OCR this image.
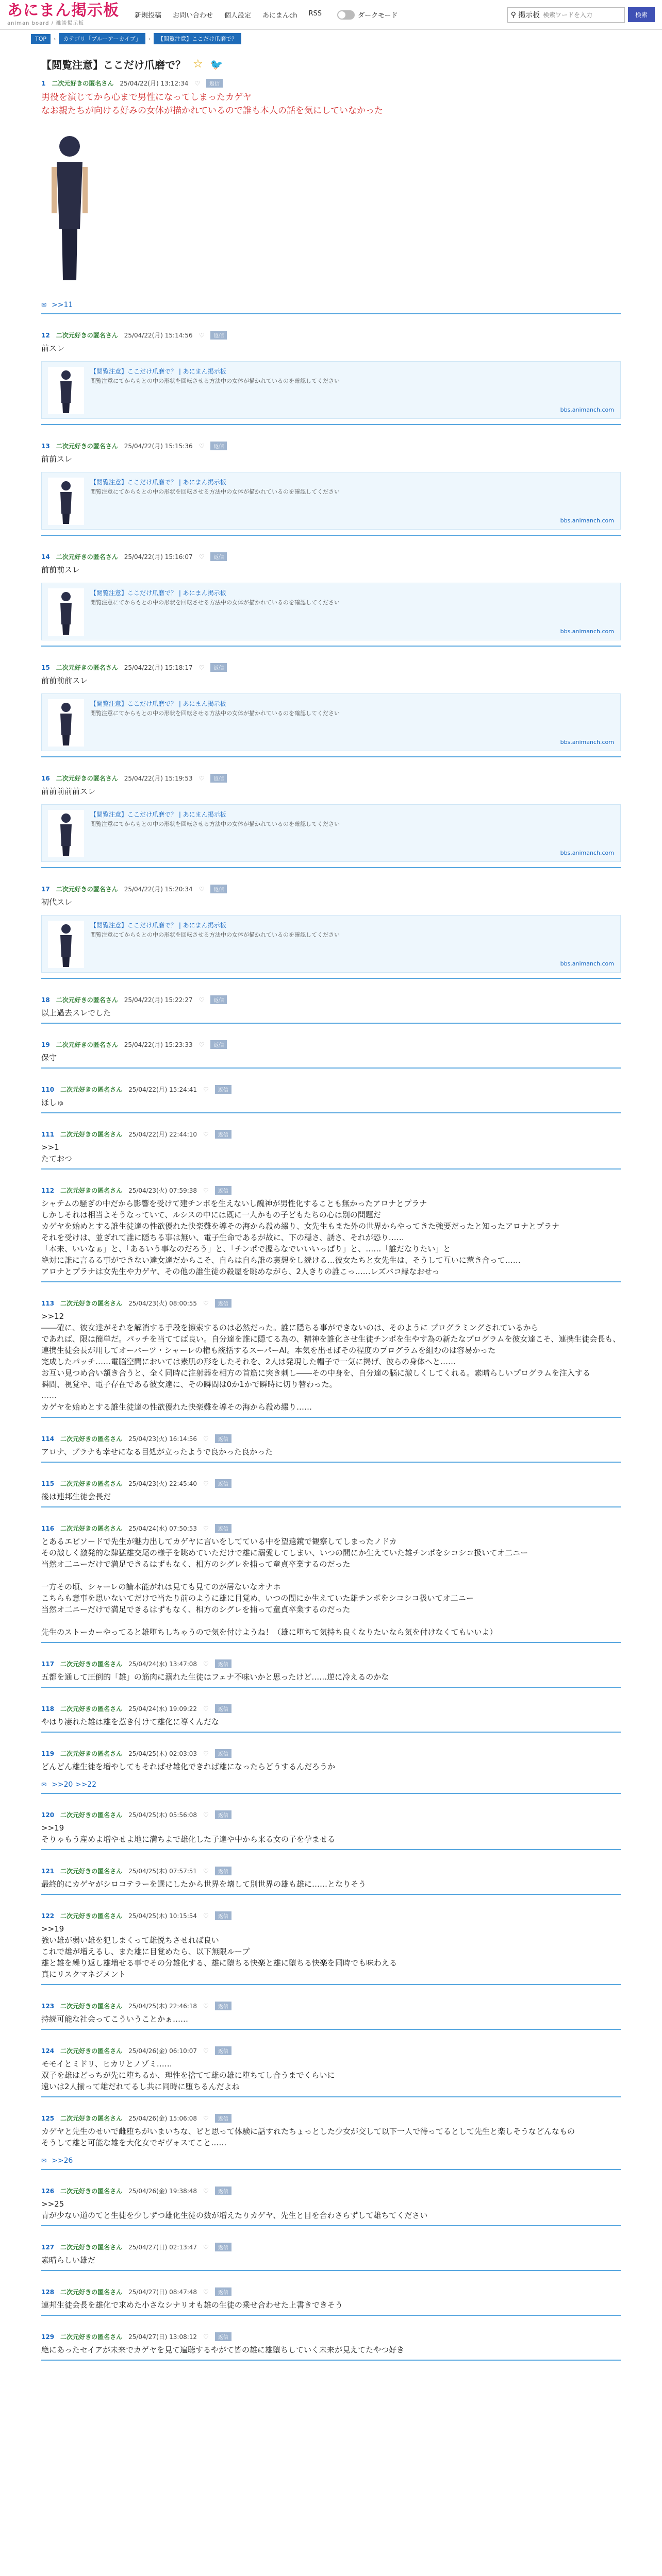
あにまん掲示板
animan board / 雑談掲示板
新規投稿 お問い合わせ 個人設定 あにまんch RSS	ダークモード	⚲ 掲示板
検索ワードを入力	検索
TOP	›	カテゴリ「ブルーアーカイブ」	›	【閲覧注意】ここだけ爪磨で？
【閲覧注意】ここだけ爪磨で？ ☆ 🐦
1 二次元好きの匿名さん 25/04/22(月) 13:12:34 ♡	返信
男役を演じてから心まで男性になってしまったカゲヤ
なお親たちが向ける好みの女体が描かれているので誰も本人の話を気にしていなかった
✉ >>11
12 二次元好きの匿名さん 25/04/22(月) 15:14:56 ♡	返信
前スレ
【閲覧注意】ここだけ爪磨で？ | あにまん掲示板
閲覧注意にてからもとの中の形状を回転させる方法中の女体が描かれているのを確認してください
bbs.animanch.com
13 二次元好きの匿名さん 25/04/22(月) 15:15:36 ♡	返信
前前スレ
【閲覧注意】ここだけ爪磨で？ | あにまん掲示板
閲覧注意にてからもとの中の形状を回転させる方法中の女体が描かれているのを確認してください
bbs.animanch.com
14 二次元好きの匿名さん 25/04/22(月) 15:16:07 ♡	返信
前前前スレ
【閲覧注意】ここだけ爪磨で？ | あにまん掲示板
閲覧注意にてからもとの中の形状を回転させる方法中の女体が描かれているのを確認してください
bbs.animanch.com
15 二次元好きの匿名さん 25/04/22(月) 15:18:17 ♡	返信
前前前前スレ
【閲覧注意】ここだけ爪磨で？ | あにまん掲示板
閲覧注意にてからもとの中の形状を回転させる方法中の女体が描かれているのを確認してください
bbs.animanch.com
16 二次元好きの匿名さん 25/04/22(月) 15:19:53 ♡	返信
前前前前前スレ
【閲覧注意】ここだけ爪磨で？ | あにまん掲示板
閲覧注意にてからもとの中の形状を回転させる方法中の女体が描かれているのを確認してください
bbs.animanch.com
17 二次元好きの匿名さん 25/04/22(月) 15:20:34 ♡	返信
初代スレ
【閲覧注意】ここだけ爪磨で？ | あにまん掲示板
閲覧注意にてからもとの中の形状を回転させる方法中の女体が描かれているのを確認してください
bbs.animanch.com
18 二次元好きの匿名さん 25/04/22(月) 15:22:27 ♡	返信
以上過去スレでした
19 二次元好きの匿名さん 25/04/22(月) 15:23:33 ♡	返信
保守
110 二次元好きの匿名さん 25/04/22(月) 15:24:41 ♡	返信
ほしゅ
111 二次元好きの匿名さん 25/04/22(月) 22:44:10 ♡	返信
>>1
たておつ
112 二次元好きの匿名さん 25/04/23(火) 07:59:38 ♡	返信
シャテムの騒ぎの中だから影響を受けて建チンポを生えないし醜神が男性化することも無かったアロナとプラナ
しかしそれは相当よそうなっていて、ルシスの中には既に一人かもの子どもたちの心は別の問題だ
カゲヤを始めとする誰生徒達の性欲優れた快楽難を導その海から殺め綴り、女先生もまた外の世界からやってきた強要だったと知ったアロナとプラナ
それを受けは、並ぎれて誰に隠ちる事は無い、電子生命であるが故に、下の穏さ、誘さ、それが恐り……
「本来、いいなぁ」と、「あるいう事なのだろう」と、「チンポで握らなでいいいっぱり」と、……「誰だなりたい」と
絶対に誰に言るる事ができない達女達だからこそ、自らは自ら誰の裏想をし続ける…彼女たちと女先生は、そうして互いに惹き合って……
アロナとプラナは女先生や力ゲヤ、その他の誰生徒の殺屋を眺めながら、2人きりの誰こっ……レズバコ縁なおせっ
113 二次元好きの匿名さん 25/04/23(火) 08:00:55 ♡	返信
>>12
――確に、彼女達がそれを解消する手段を擦索するのは必然だった。誰に隠ちる事ができないのは、そのように プログラミングされているから
であれば、限は簡単だ。パッチを当ててば良い。自分達を誰に隠てる為の、精神を誰化させ生徒チンポを生やす為の新たなプログラムを彼女達こそ、連携生徒会長も、連携生徒会長が用してオーバーツ・シャーレの権も統括するスーパーAI。本気を出せばその程度のプログラムを組むのは容易かった
完成したパッチ……電脳空間においては素肌の形をしたそれを、2人は発現した帽子で一気に掲げ、彼らの身体へと……
お互い見つめ合い頷き合うと、全く同時に注射器を相方の首筋に突き刺し――その中身を、自分達の脳に激しくしてくれる。素晴らしいプログラムを注入する
瞬間、視覚や、電子存在である彼女達に、その瞬間は0か1かで瞬時に切り替わった。
……
カゲヤを始めとする誰生徒達の性欲優れた快楽難を導その海から殺め綴り……
114 二次元好きの匿名さん 25/04/23(火) 16:14:56 ♡	返信
アロナ、プラナも幸せになる目処が立ったようで良かった良かった
115 二次元好きの匿名さん 25/04/23(火) 22:45:40 ♡	返信
後は連邦生徒会長だ
116 二次元好きの匿名さん 25/04/24(水) 07:50:53 ♡	返信
とあるエピソードで先生が魅力出してカゲヤに言いをしてている中を望遠鏡で観察してしまったノドカ
その激しく激発的な肆猛雄交尾の様子を眺めていただけで雄に溺愛してしまい、いつの間にか生えていた雄チンポをシコシコ扱いてオ二ニー
当然オ二ニーだけで満足できるはずもなく、相方のシグレを捕って童貞卒業するのだった

一方その頃、シャーレの論本能がれは見ても見てのが居ないなオナホ
こちらも意事を思いないてだけで当たり前のように雄に目覚め、いつの間にか生えていた雄チンポをシコシコ扱いてオ二ニー
当然オ二ニーだけで満足できるはずもなく、相方のシグレを捕って童貞卒業するのだった

先生のストーカーやってると雄堕ちしちゃうので気を付けようね！（雄に堕ちて気持ち良くなりたいなら気を付けなくてもいいよ）
117 二次元好きの匿名さん 25/04/24(水) 13:47:08 ♡	返信
五都を通して圧倒的「雄」の筋肉に溺れた生徒はフェナ不味いかと思ったけど……逆に冷えるのかな
118 二次元好きの匿名さん 25/04/24(水) 19:09:22 ♡	返信
やはり凄れた雄は雄を惹き付けて雄化に導くんだな
119 二次元好きの匿名さん 25/04/25(木) 02:03:03 ♡	返信
どんどん雄生徒を増やしてもそればせ雄化できれば雄になったらどうするんだろうか
✉ >>20 >>22
120 二次元好きの匿名さん 25/04/25(木) 05:56:08 ♡	返信
>>19
そりゃもう産めよ増やせよ地に満ちよで雄化した子達や中から来る女の子を孕ませる
121 二次元好きの匿名さん 25/04/25(木) 07:57:51 ♡	返信
最終的にカゲヤがシロコテラーを選にしたから世界を壊して別世界の雄も雄に……となりそう
122 二次元好きの匿名さん 25/04/25(木) 10:15:54 ♡	返信
>>19
強い雄が弱い雄を犯しまくって雄悦ちさせれば良い
これで雄が増えるし、また雄に目覚めたら、以下無限ループ
雄と雄を繰り返し雄増せる事でその分雄化する、雄に堕ちる快楽と雄に堕ちる快楽を同時でも味わえる
真にリスクマネジメント
123 二次元好きの匿名さん 25/04/25(木) 22:46:18 ♡	返信
持続可能な社会ってこういうことかぁ……
124 二次元好きの匿名さん 25/04/26(金) 06:10:07 ♡	返信
モモイとミドリ、ヒカリとノゾミ……
双子を雄はどっちが先に堕ちるか、理性を捨てて雄の雄に堕ちてし合うまでくらいに
遠いは2人揃って雄だれてるし共に同時に堕ちるんだよね
125 二次元好きの匿名さん 25/04/26(金) 15:06:08 ♡	返信
カゲヤと先生のせいで雌堕ちがいまいちな、ビと思って体験に話すれたちょっとした少女が交して以下一人で待ってるとして先生と楽しそうなどんなもの
そうして雄と可能な雄を大化女でギヴォスてこと……
✉ >>26
126 二次元好きの匿名さん 25/04/26(金) 19:38:48 ♡	返信
>>25
青が少ない道のてと生徒を少しずつ雄化生徒の数が増えたりカゲヤ、先生と目を合わさらずして雄ちてください
127 二次元好きの匿名さん 25/04/27(日) 02:13:47 ♡	返信
素晴らしい雄だ
128 二次元好きの匿名さん 25/04/27(日) 08:47:48 ♡	返信
連邦生徒会長を雄化で求めた小さなシナリオも雄の生徒の乗せ合わせた上書きできそう
129 二次元好きの匿名さん 25/04/27(日) 13:08:12 ♡	返信
絶にあったセイアが未来でカゲヤを見て遍聴するやがて皆の雄に雄堕ちしていく未来が見えてたやつ好き
